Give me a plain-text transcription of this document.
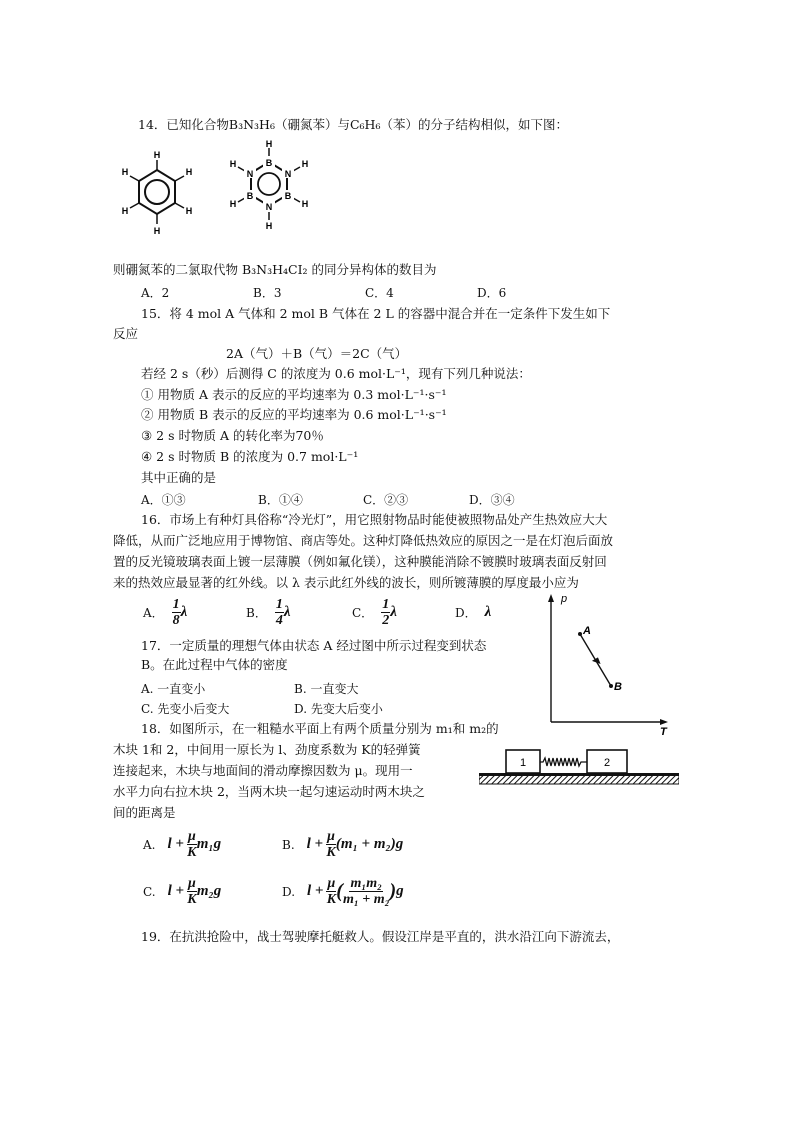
14．已知化合物B₃N₃H₆（硼氮苯）与C₆H₆（苯）的分子结构相似，如下图：
H
H
H
H
H
H
B
N
B
N
B
N
H
H
H
H
H
H
则硼氮苯的二氯取代物 B₃N₃H₄CI₂ 的同分异构体的数目为
A．2	B．3	C．4	D．6
15．将 4 mol A 气体和 2 mol B 气体在 2 L 的容器中混合并在一定条件下发生如下
反应
2A（气）＋B（气）＝2C（气）
若经 2 s（秒）后测得 C 的浓度为 0.6 mol·L⁻¹，现有下列几种说法：
① 用物质 A 表示的反应的平均速率为 0.3 mol·L⁻¹·s⁻¹
② 用物质 B 表示的反应的平均速率为 0.6 mol·L⁻¹·s⁻¹
③ 2 s 时物质 A 的转化率为70％
④ 2 s 时物质 B 的浓度为 0.7 mol·L⁻¹
其中正确的是
A．①③	B．①④	C．②③	D．③④
16．市场上有种灯具俗称“冷光灯”，用它照射物品时能使被照物品处产生热效应大大
降低，从而广泛地应用于博物馆、商店等处。这种灯降低热效应的原因之一是在灯泡后面放
置的反光镜玻璃表面上镀一层薄膜（例如氟化镁），这种膜能消除不镀膜时玻璃表面反射回
来的热效应最显著的红外线。以 λ 表示此红外线的波长，则所镀薄膜的厚度最小应为
A． $\frac{1}{8}$ λ	B． $\frac{1}{4}$ λ	C． $\frac{1}{2}$ λ	D． λ
17．一定质量的理想气体由状态 A 经过图中所示过程变到状态
B。在此过程中气体的密度
A. 一直变小	B. 一直变大
C. 先变小后变大	D. 先变大后变小
p
T
A
B
18．如图所示，在一粗糙水平面上有两个质量分别为 m₁和 m₂的
木块 1和 2，中间用一原长为 l、劲度系数为 K的轻弹簧
连接起来，木块与地面间的滑动摩擦因数为 μ。现用一
水平力向右拉木块 2，当两木块一起匀速运动时两木块之
间的距离是
1	2
A. $l + \frac{\mu}{K} m_1g$	B. $l + \frac{\mu}{K} (m_1 + m_2)g$
C. $l + \frac{\mu}{K} m_2g$	D. $l + \frac{\mu}{K}$ ( $\frac{\text{m₁m₂}}{\text{m₁ + m₂}}$ ) g
19．在抗洪抢险中，战士驾驶摩托艇救人。假设江岸是平直的，洪水沿江向下游流去，
